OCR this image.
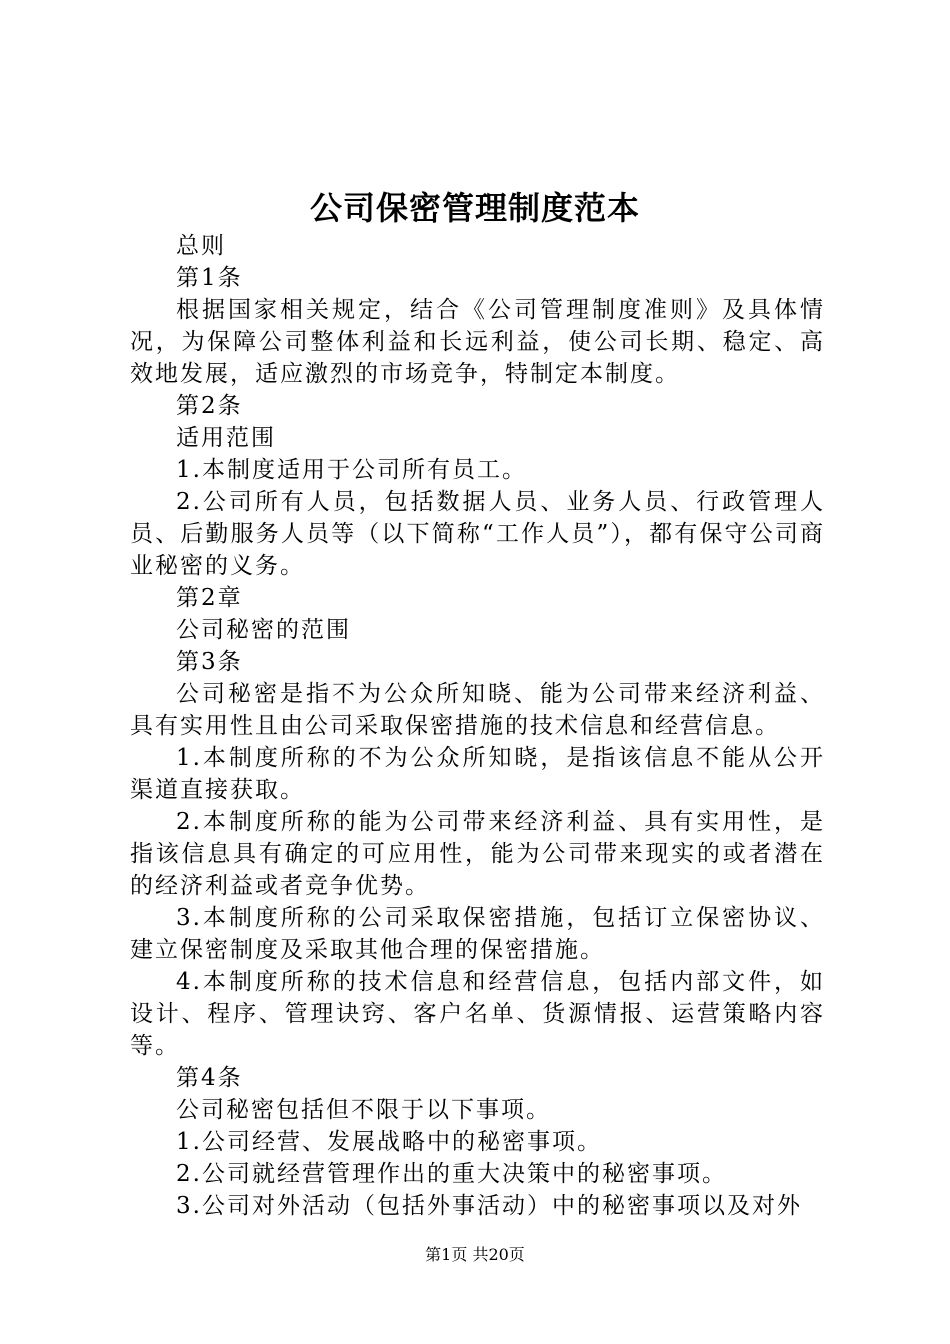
公司保密管理制度范本

总则

第1条

根据国家相关规定，结合《公司管理制度准则》及具体情况，为保障公司整体利益和长远利益，使公司长期、稳定、高效地发展，适应激烈的市场竞争，特制定本制度。

第2条

适用范围

1.本制度适用于公司所有员工。

2.公司所有人员，包括数据人员、业务人员、行政管理人员、后勤服务人员等（以下简称“工作人员”），都有保守公司商业秘密的义务。

第2章

公司秘密的范围

第3条

公司秘密是指不为公众所知晓、能为公司带来经济利益、具有实用性且由公司采取保密措施的技术信息和经营信息。

1.本制度所称的不为公众所知晓，是指该信息不能从公开渠道直接获取。

2.本制度所称的能为公司带来经济利益、具有实用性，是指该信息具有确定的可应用性，能为公司带来现实的或者潜在的经济利益或者竞争优势。

3.本制度所称的公司采取保密措施，包括订立保密协议、建立保密制度及采取其他合理的保密措施。

4.本制度所称的技术信息和经营信息，包括内部文件，如设计、程序、管理诀窍、客户名单、货源情报、运营策略内容等。

第4条

公司秘密包括但不限于以下事项。

1.公司经营、发展战略中的秘密事项。

2.公司就经营管理作出的重大决策中的秘密事项。

3.公司对外活动（包括外事活动）中的秘密事项以及对外

第1页 共20页
